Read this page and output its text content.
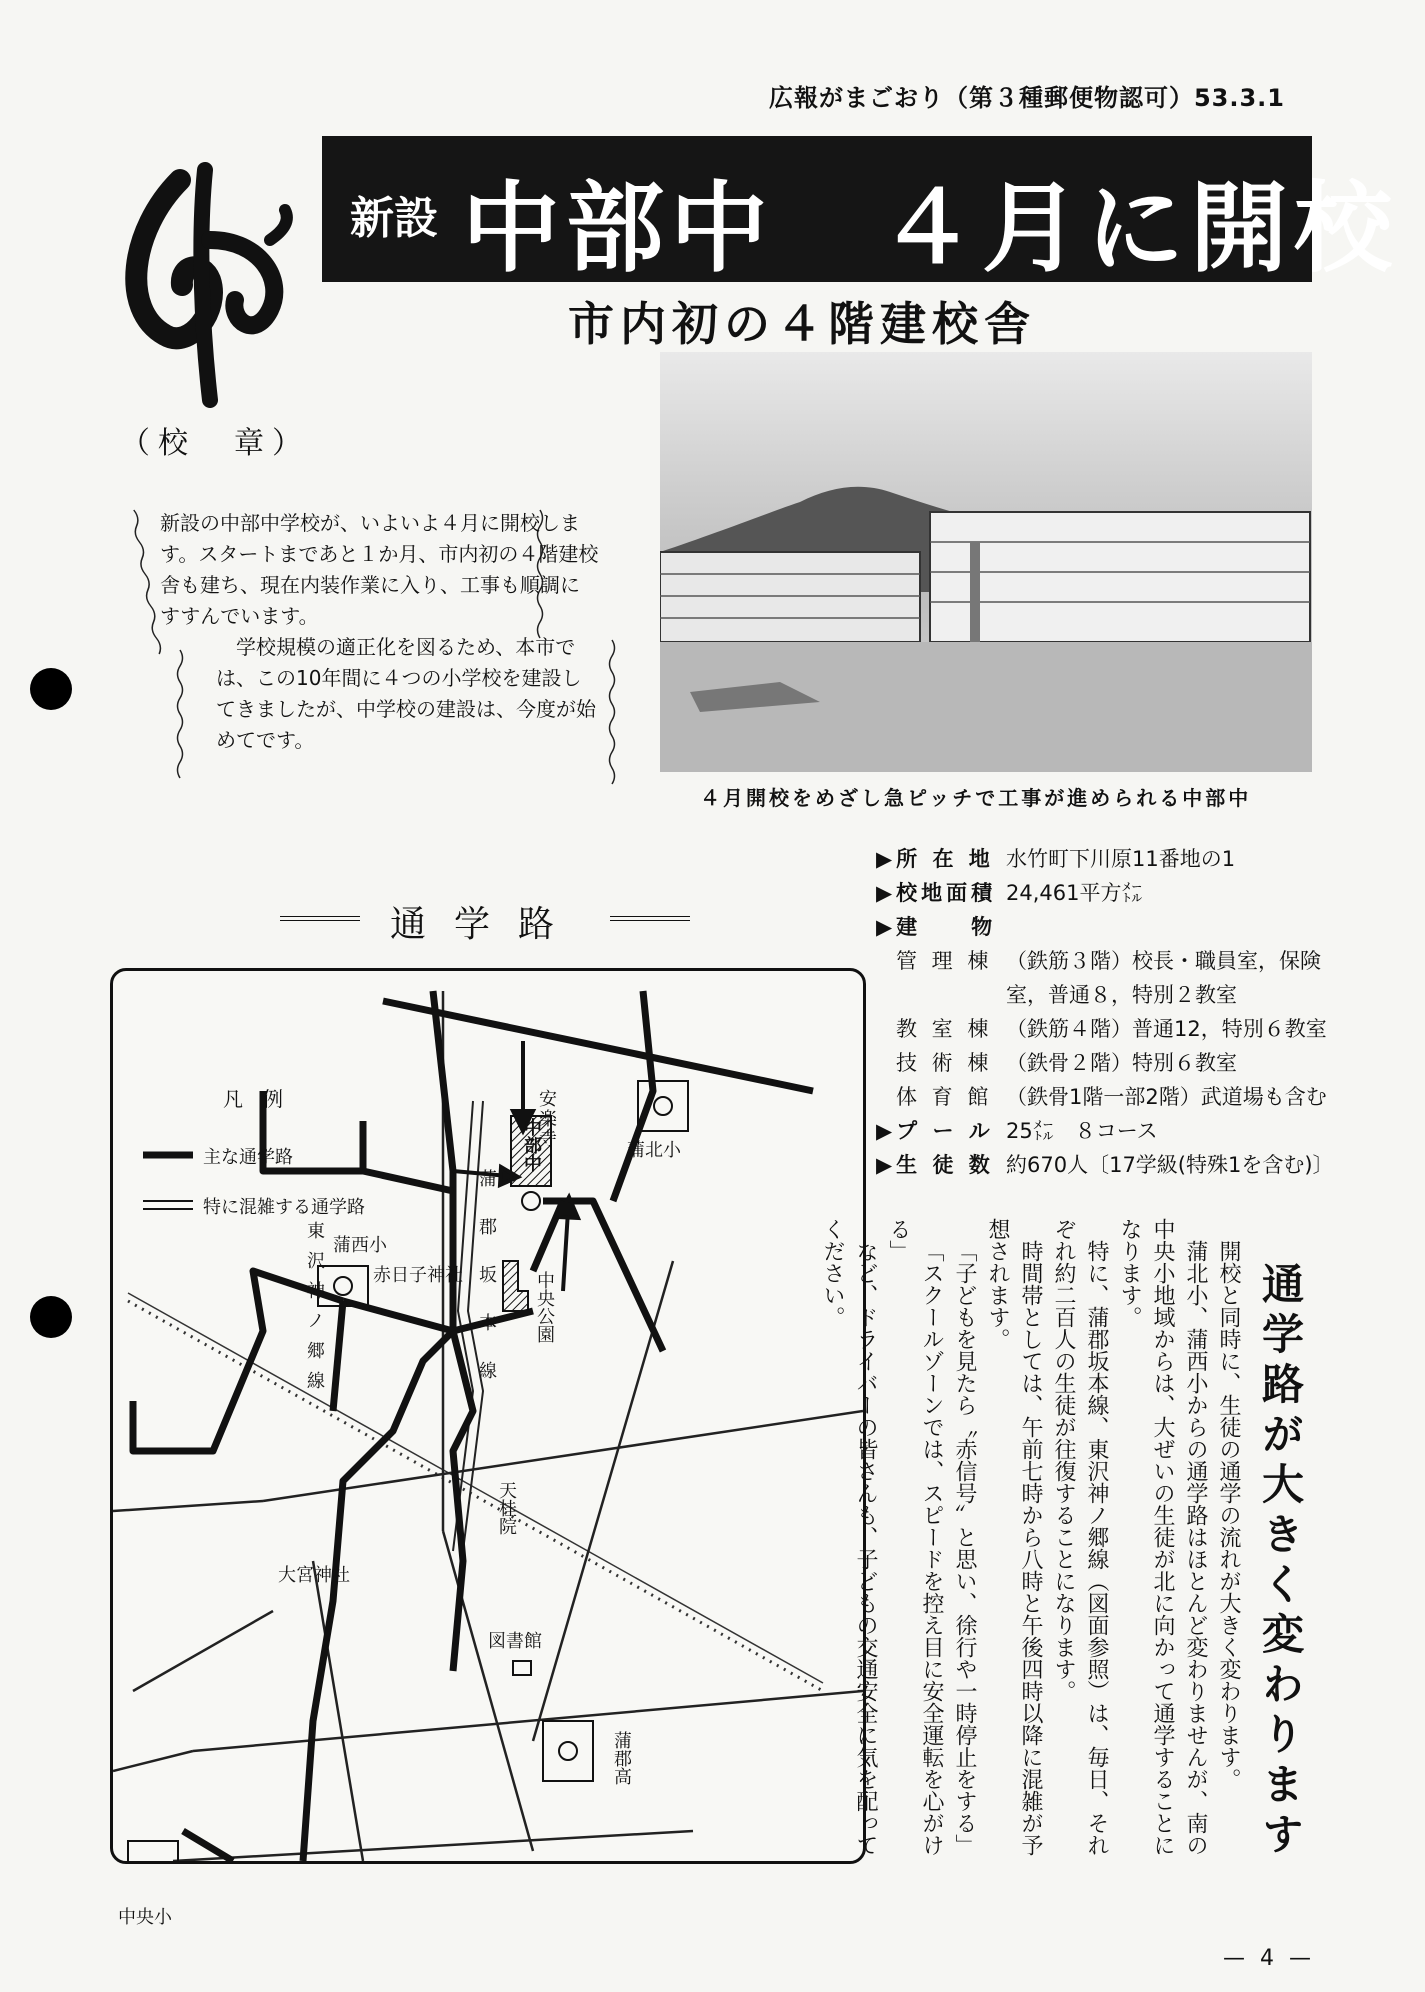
広報がまごおり（第３種郵便物認可）53.3.1
新設 中部中　４月に開校
市内初の４階建校舎
（校　章）

新設の中部中学校が、いよいよ４月に開校します。スタートまであと１か月、市内初の４階建校舎も建ち、現在内装作業に入り、工事も順調にすすんでいます。

学校規模の適正化を図るため、本市では、この10年間に４つの小学校を建設してきましたが、中学校の建設は、今度が始めてです。

４月開校をめざし急ピッチで工事が進められる中部中
通学路
凡　例
主な通学路
特に混雑する通学路
安楽寺
蒲北小
中部中
蒲西小
赤日子神社	中央公園
天桂院
大宮神社
図書館
蒲郡高
中央小
東沢神ノ郷線	蒲郡坂本線
▶所 在 地 水竹町下川原11番地の1
▶校地面積 24,461平方㍍
▶建　　物
管 理 棟 （鉄筋３階）校長・職員室，保険
室，普通８，特別２教室
教 室 棟 （鉄筋４階）普通12，特別６教室
技 術 棟 （鉄骨２階）特別６教室
体 育 館 （鉄骨1階一部2階）武道場も含む
▶プ ー ル 25㍍　８コース
▶生 徒 数 約670人〔17学級(特殊1を含む)〕
通学路が大きく変わります

開校と同時に、生徒の通学の流れが大きく変わります。

蒲北小、蒲西小からの通学路はほとんど変わりませんが、南の中央小地域からは、大ぜいの生徒が北に向かって通学することになります。

特に、蒲郡坂本線、東沢神ノ郷線（図面参照）は、毎日、それぞれ約二百人の生徒が往復することになります。

時間帯としては、午前七時から八時と午後四時以降に混雑が予想されます。

「子どもを見たら〝赤信号〟と思い、徐行や一時停止をする」

「スクールゾーンでは、スピードを控え目に安全運転を心がける」

など、ドライバーの皆さんも、子どもの交通安全に気を配ってください。

— 4 —
